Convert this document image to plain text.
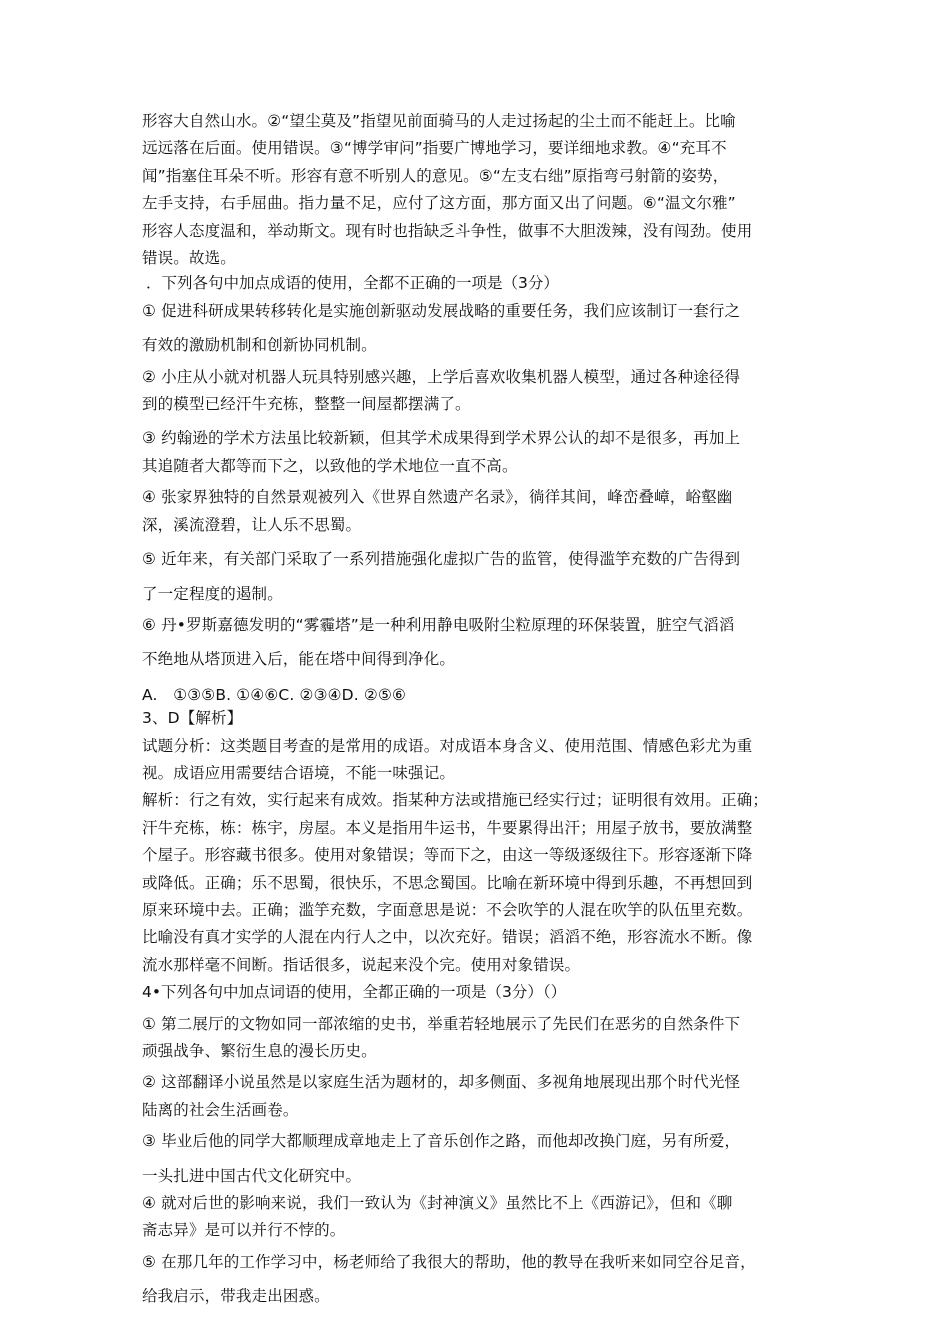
形容大自然山水。②“望尘莫及”指望见前面骑马的人走过扬起的尘土而不能赶上。比喻
远远落在后面。使用错误。③“博学审问”指要广博地学习，要详细地求教。④“充耳不
闻”指塞住耳朵不听。形容有意不听别人的意见。⑤“左支右绌”原指弯弓射箭的姿势，
左手支持，右手屈曲。指力量不足，应付了这方面，那方面又出了问题。⑥“温文尔雅”
形容人态度温和，举动斯文。现有时也指缺乏斗争性，做事不大胆泼辣，没有闯劲。使用
错误。故选。
．下列各句中加点成语的使用，全都不正确的一项是（3分）
① 促进科研成果转移转化是实施创新驱动发展战略的重要任务，我们应该制订一套行之
有效的激励机制和创新协同机制。
② 小庄从小就对机器人玩具特别感兴趣，上学后喜欢收集机器人模型，通过各种途径得
到的模型已经汗牛充栋，整整一间屋都摆满了。
③ 约翰逊的学术方法虽比较新颖，但其学术成果得到学术界公认的却不是很多，再加上
其追随者大都等而下之，以致他的学术地位一直不高。
④ 张家界独特的自然景观被列入《世界自然遗产名录》，徜徉其间，峰峦叠嶂，峪壑幽
深，溪流澄碧，让人乐不思蜀。
⑤ 近年来，有关部门采取了一系列措施强化虚拟广告的监管，使得滥竽充数的广告得到
了一定程度的遏制。
⑥ 丹•罗斯嘉德发明的“雾霾塔”是一种利用静电吸附尘粒原理的环保装置，脏空气滔滔
不绝地从塔顶进入后，能在塔中间得到净化。
A.　①③⑤B. ①④⑥C. ②③④D. ②⑤⑥
3、D【解析】
试题分析：这类题目考查的是常用的成语。对成语本身含义、使用范围、情感色彩尤为重
视。成语应用需要结合语境，不能一味强记。
解析：行之有效，实行起来有成效。指某种方法或措施已经实行过；证明很有效用。正确；
汗牛充栋，栋：栋宇，房屋。本义是指用牛运书，牛要累得出汗；用屋子放书，要放满整
个屋子。形容藏书很多。使用对象错误；等而下之，由这一等级逐级往下。形容逐渐下降
或降低。正确；乐不思蜀，很快乐，不思念蜀国。比喻在新环境中得到乐趣，不再想回到
原来环境中去。正确；滥竽充数，字面意思是说：不会吹竽的人混在吹竽的队伍里充数。
比喻没有真才实学的人混在内行人之中，以次充好。错误；滔滔不绝，形容流水不断。像
流水那样毫不间断。指话很多，说起来没个完。使用对象错误。
4•下列各句中加点词语的使用，全都正确的一项是（3分）（）
① 第二展厅的文物如同一部浓缩的史书，举重若轻地展示了先民们在恶劣的自然条件下
顽强战争、繁衍生息的漫长历史。
② 这部翻译小说虽然是以家庭生活为题材的，却多侧面、多视角地展现出那个时代光怪
陆离的社会生活画卷。
③ 毕业后他的同学大都顺理成章地走上了音乐创作之路，而他却改换门庭，另有所爱，
一头扎进中国古代文化研究中。
④ 就对后世的影响来说，我们一致认为《封神演义》虽然比不上《西游记》，但和《聊
斋志异》是可以并行不悖的。
⑤ 在那几年的工作学习中，杨老师给了我很大的帮助，他的教导在我听来如同空谷足音，
给我启示，带我走出困惑。
